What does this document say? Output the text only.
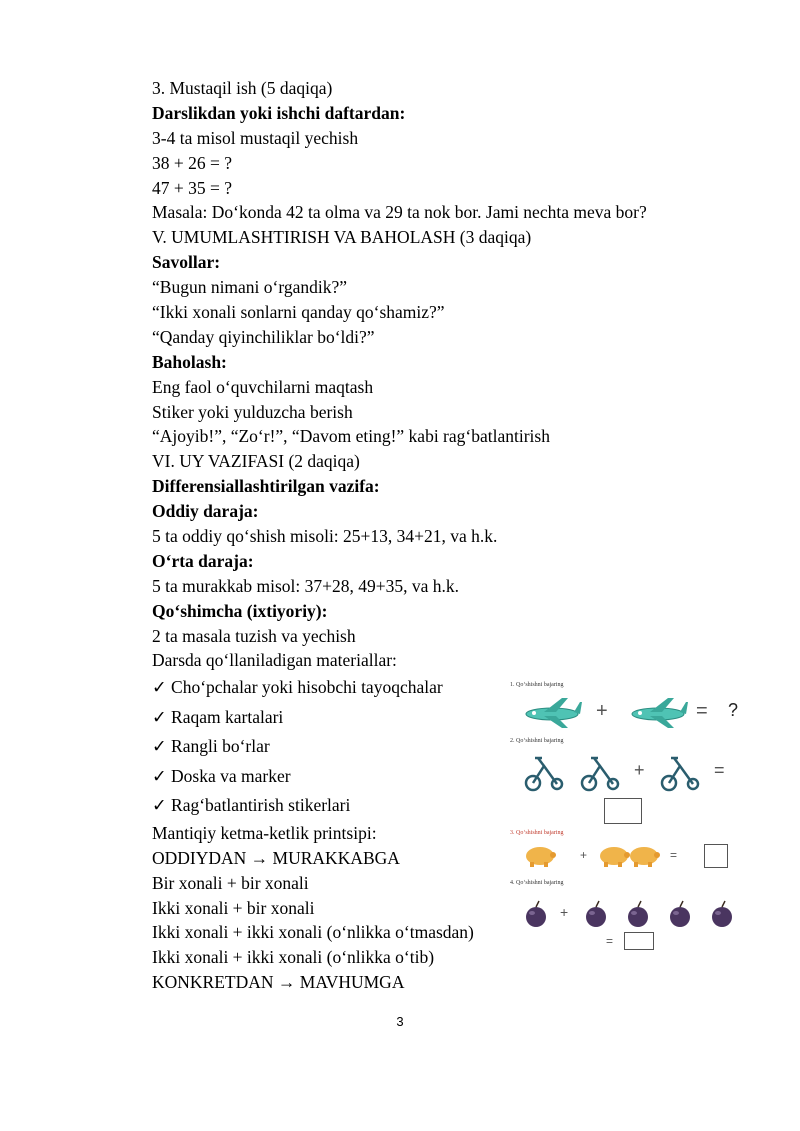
3. Mustaqil ish (5 daqiqa)
Darslikdan yoki ishchi daftardan:
3-4 ta misol mustaqil yechish
38 + 26 = ?
47 + 35 = ?
Masala: Do‘konda 42 ta olma va 29 ta nok bor. Jami nechta meva bor?
V. UMUMLASHTIRISH VA BAHOLASH (3 daqiqa)
Savollar:
“Bugun nimani o‘rgandik?”
“Ikki xonali sonlarni qanday qo‘shamiz?”
“Qanday qiyinchiliklar bo‘ldi?”
Baholash:
Eng faol o‘quvchilarni maqtash
Stiker yoki yulduzcha berish
“Ajoyib!”, “Zo‘r!”, “Davom eting!” kabi rag‘batlantirish
VI. UY VAZIFASI (2 daqiqa)
Differensiallashtirilgan vazifa:
Oddiy daraja:
5 ta oddiy qo‘shish misoli: 25+13, 34+21, va h.k.
O‘rta daraja:
5 ta murakkab misol: 37+28, 49+35, va h.k.
Qo‘shimcha (ixtiyoriy):
2 ta masala tuzish va yechish
Darsda qo‘llaniladigan materiallar:
✓ Cho‘pchalar yoki hisobchi tayoqchalar
✓ Raqam kartalari
✓ Rangli bo‘rlar
✓ Doska va marker
✓ Rag‘batlantirish stikerlari
Mantiqiy ketma-ketlik printsipi:
ODDIYDAN → MURAKKABGA
Bir xonali + bir xonali
Ikki xonali + bir xonali
Ikki xonali + ikki xonali (o‘nlikka o‘tmasdan)
Ikki xonali + ikki xonali (o‘nlikka o‘tib)
KONKRETDAN → MAVHUMGA
1. Qo‘shishni bajaring
+	= ?
2. Qo‘shishni bajaring
+	=
3. Qo‘shishni bajaring
+	=
4. Qo‘shishni bajaring
+
=
3
